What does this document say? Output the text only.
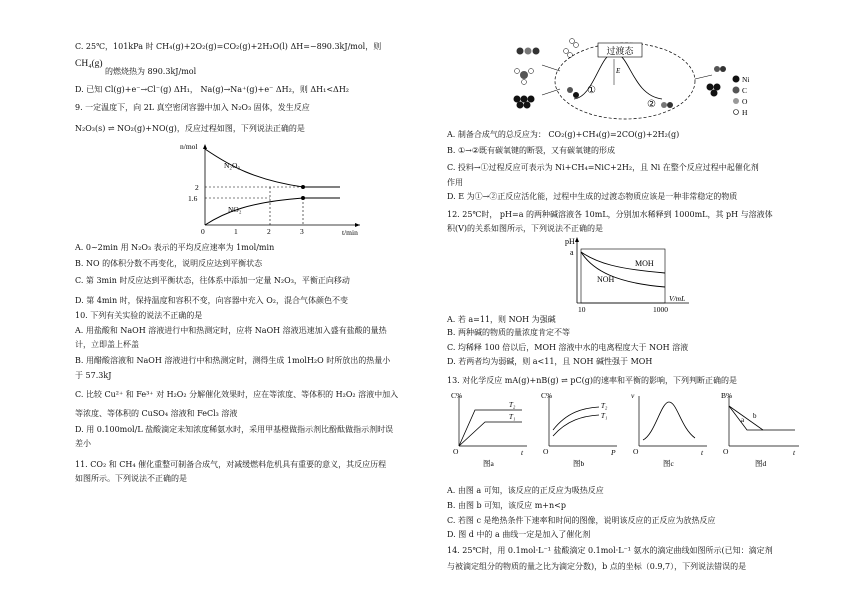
C. 25℃，101kPa 时 CH₄(g)+2O₂(g)=CO₂(g)+2H₂O(l) ΔH=−890.3kJ/mol，则
CH₄(g)
的燃烧热为 890.3kJ/mol
D. 已知 Cl(g)+e⁻→Cl⁻(g) ΔH₁， Na(g)→Na⁺(g)+e⁻ ΔH₂，则 ΔH₁<ΔH₂
9. 一定温度下，向 2L 真空密闭容器中加入 N₂O₃ 固体，发生反应
N₂O₃(s) ⇌ NO₂(g)+NO(g)，反应过程如图，下列说法正确的是
n/mol
t/min
2
1.6
0	1	2	3
N₂O₃
NO₂
A. 0~2min 用 N₂O₃ 表示的平均反应速率为 1mol/min
B. NO 的体积分数不再变化，说明反应达到平衡状态
C. 第 3min 时反应达到平衡状态，往体系中添加一定量 N₂O₃，平衡正向移动
D. 第 4min 时，保持温度和容积不变，向容器中充入 O₂，混合气体颜色不变
10. 下列有关实验的说法不正确的是
A. 用盐酸和 NaOH 溶液进行中和热测定时，应将 NaOH 溶液迅速加入盛有盐酸的量热
计，立即盖上杯盖
B. 用醋酸溶液和 NaOH 溶液进行中和热测定时，测得生成 1molH₂O 时所放出的热量小
于 57.3kJ
C. 比较 Cu²⁺ 和 Fe³⁺ 对 H₂O₂ 分解催化效果时，应在等浓度、等体积的 H₂O₂ 溶液中加入
等浓度、等体积的 CuSO₄ 溶液和 FeCl₃ 溶液
D. 用 0.100mol/L 盐酸滴定未知浓度稀氨水时，采用甲基橙做指示剂比酚酞做指示剂时误
差小
11. CO₂ 和 CH₄ 催化重整可制备合成气，对减缓燃料危机具有重要的意义，其反应历程
如图所示。下列说法不正确的是
过渡态
E
①
②
Ni
C
O
H
A. 制备合成气的总反应为： CO₂(g)+CH₄(g)=2CO(g)+2H₂(g)
B. ①→②既有碳氧键的断裂，又有碳氧键的形成
C. 投料→①过程反应可表示为 Ni+CH₄=NiC+2H₂，且 Ni 在整个反应过程中起催化剂
作用
D. E 为①→②正反应活化能，过程中生成的过渡态物质应该是一种非常稳定的物质
12. 25℃时， pH=a 的两种碱溶液各 10mL，分别加水稀释到 1000mL，其 pH 与溶液体
积(V)的关系如图所示，下列说法不正确的是
pH
a
MOH
NOH
10	1000
V/mL
A. 若 a=11，则 NOH 为强碱
B. 两种碱的物质的量浓度肯定不等
C. 均稀释 100 倍以后，MOH 溶液中水的电离程度大于 NOH 溶液
D. 若两者均为弱碱，则 a<11，且 NOH 碱性强于 MOH
13. 对化学反应 mA(g)+nB(g) ⇌ pC(g)的速率和平衡的影响，下列判断正确的是
C%
t
O
T₂
T₁
图a
C%
P
O
T₂
T₁
图b
v
t
O
图c
B%
t
O
a b
图d
A. 由图 a 可知，该反应的正反应为吸热反应
B. 由图 b 可知，该反应 m+n<p
C. 若图 c 是绝热条件下速率和时间的图像，说明该反应的正反应为放热反应
D. 图 d 中的 a 曲线一定是加入了催化剂
14. 25℃时，用 0.1mol·L⁻¹ 盐酸滴定 0.1mol·L⁻¹ 氨水的滴定曲线如图所示(已知：滴定剂
与被滴定组分的物质的量之比为滴定分数)，b 点的坐标（0.9,7），下列说法错误的是
